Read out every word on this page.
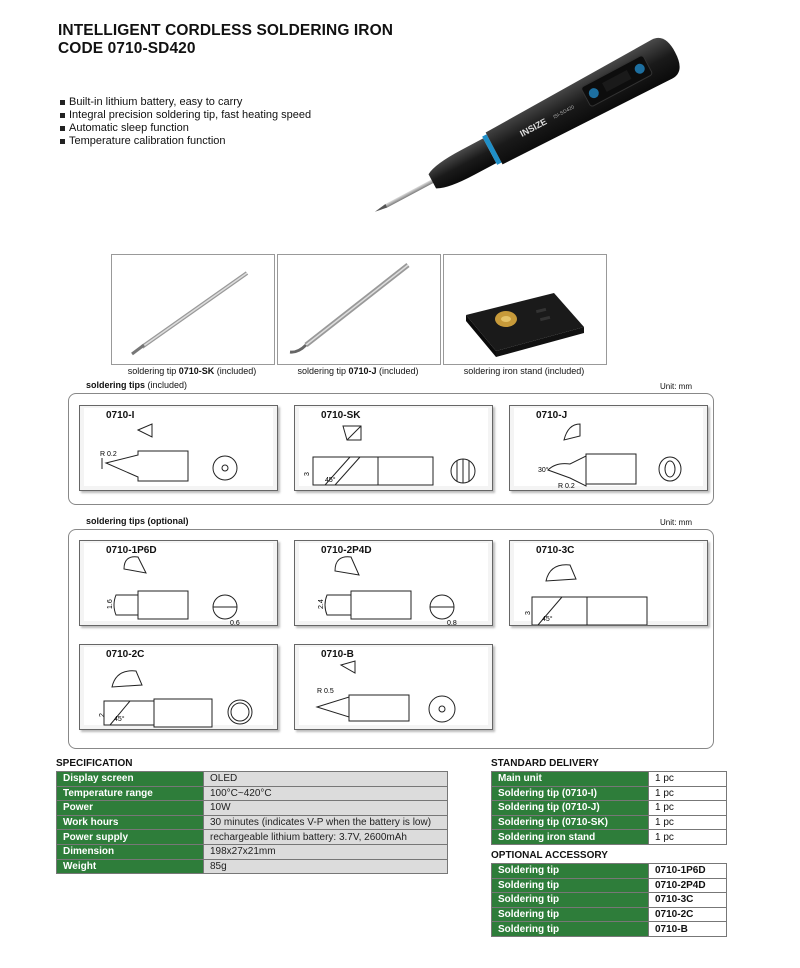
INTELLIGENT CORDLESS SOLDERING IRON
CODE 0710-SD420
Built-in lithium battery, easy to carry
Integral precision soldering tip, fast heating speed
Automatic sleep function
Temperature calibration function
INSIZE
ISI-SD420
soldering tip 0710-SK (included)	soldering tip 0710-J (included)	soldering iron stand (included)
soldering tips (included)	Unit: mm
0710-I
R 0.2
0710-SK
3
45°
0710-J
30°
R 0.2
soldering tips (optional)	Unit: mm
0710-1P6D
1.6
0.6
0710-2P4D
2.4
0.8
0710-3C
3
45°
0710-2C
2
45°
0710-B
R 0.5
SPECIFICATION
Display screen	OLED
Temperature range	100°C~420°C
Power	10W
Work hours	30 minutes (indicates V-P when the battery is low)
Power supply	rechargeable lithium battery: 3.7V, 2600mAh
Dimension	198x27x21mm
Weight	85g
STANDARD DELIVERY
Main unit	1 pc
Soldering tip (0710-I)	1 pc
Soldering tip (0710-J)	1 pc
Soldering tip (0710-SK)	1 pc
Soldering iron stand	1 pc
OPTIONAL ACCESSORY
Soldering tip	0710-1P6D
Soldering tip	0710-2P4D
Soldering tip	0710-3C
Soldering tip	0710-2C
Soldering tip	0710-B
